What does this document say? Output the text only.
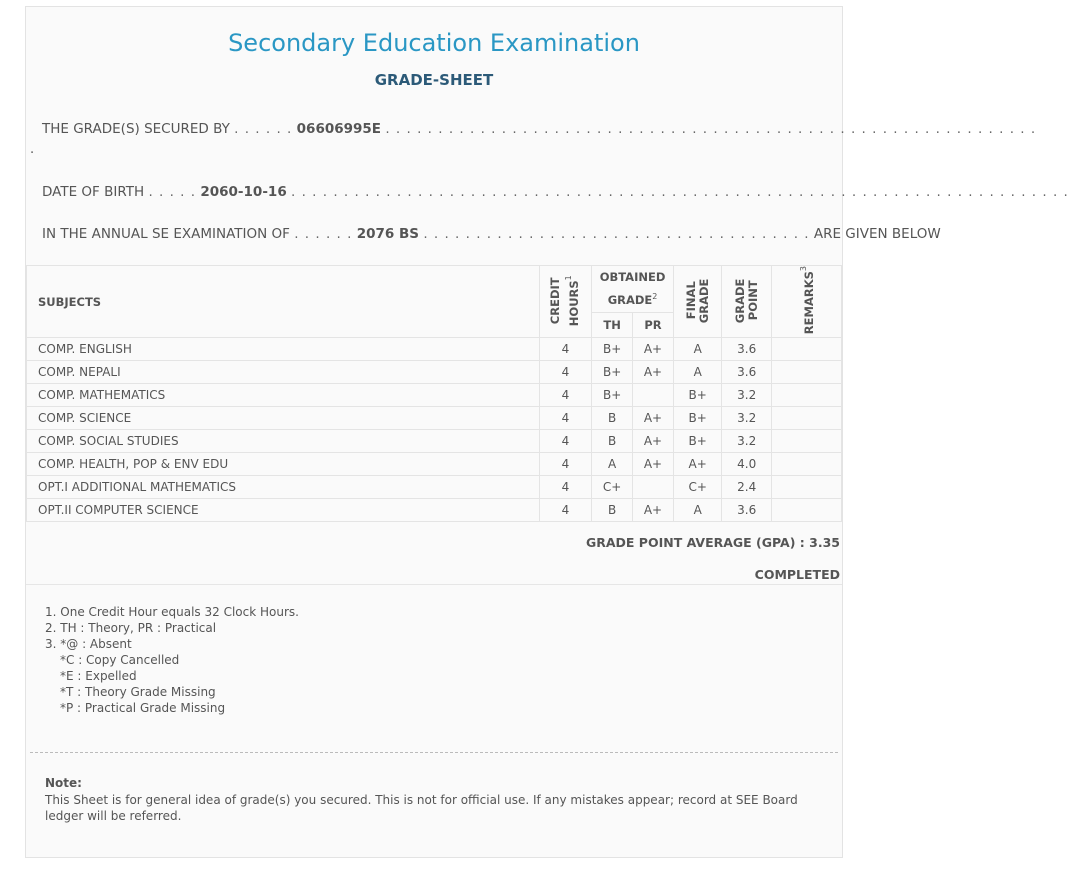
Secondary Education Examination
GRADE-SHEET
THE GRADE(S) SECURED BY . . . . . . 06606995E . . . . . . . . . . . . . . . . . . . . . . . . . . . . . . . . . . . . . . . . . . . . . . . . . . . . . . . . . . . . . .
.
DATE OF BIRTH . . . . . 2060-10-16 . . . . . . . . . . . . . . . . . . . . . . . . . . . . . . . . . . . . . . . . . . . . . . . . . . . . . . . . . . . . . . . . . . . . . . . . . .
IN THE ANNUAL SE EXAMINATION OF . . . . . . 2076 BS . . . . . . . . . . . . . . . . . . . . . . . . . . . . . . . . . . . . . ARE GIVEN BELOW
SUBJECTS	CREDIT HOURS$^1$	OBTAINED GRADE$^2$		FINAL GRADE	GRADE POINT	REMARKS$^3$
		TH	PR			
COMP. ENGLISH	4	B+	A+	A	3.6	
COMP. NEPALI	4	B+	A+	A	3.6	
COMP. MATHEMATICS	4	B+		B+	3.2	
COMP. SCIENCE	4	B	A+	B+	3.2	
COMP. SOCIAL STUDIES	4	B	A+	B+	3.2	
COMP. HEALTH, POP & ENV EDU	4	A	A+	A+	4.0	
OPT.I ADDITIONAL MATHEMATICS	4	C+		C+	2.4	
OPT.II COMPUTER SCIENCE	4	B	A+	A	3.6	
GRADE POINT AVERAGE (GPA) : 3.35
COMPLETED
1. One Credit Hour equals 32 Clock Hours.
2. TH : Theory, PR : Practical
3. *@ : Absent
*C : Copy Cancelled
*E : Expelled
*T : Theory Grade Missing
*P : Practical Grade Missing
Note:
This Sheet is for general idea of grade(s) you secured. This is not for official use. If any mistakes appear; record at SEE Board ledger will be referred.
